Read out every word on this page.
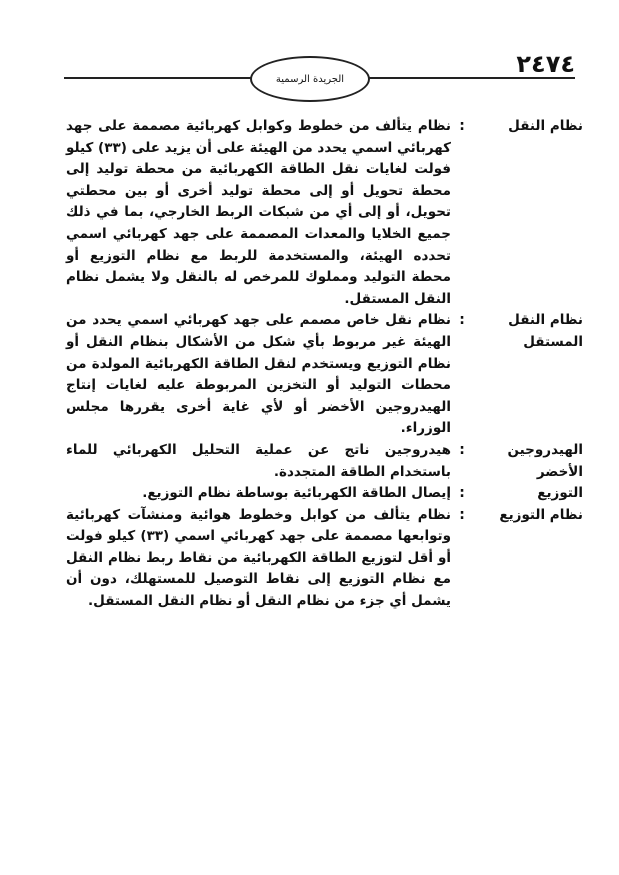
٢٤٧٤
الجريدة الرسمية
نظام النقل
:
نظام يتألف من خطوط وكوابل كهربائية مصممة على جهد كهربائي اسمي يحدد من الهيئة على أن يزيد على (٣٣) كيلو فولت لغايات نقل الطاقة الكهربائية من محطة توليد إلى محطة تحويل أو إلى محطة توليد أخرى أو بين محطتي تحويل، أو إلى أي من شبكات الربط الخارجي، بما في ذلك جميع الخلايا والمعدات المصممة على جهد كهربائي اسمي تحدده الهيئة، والمستخدمة للربط مع نظام التوزيع أو محطة التوليد ومملوك للمرخص له بالنقل ولا يشمل نظام النقل المستقل.
نظام النقل المستقل
:
نظام نقل خاص مصمم على جهد كهربائي اسمي يحدد من الهيئة غير مربوط بأي شكل من الأشكال بنظام النقل أو نظام التوزيع ويستخدم لنقل الطاقة الكهربائية المولدة من محطات التوليد أو التخزين المربوطة عليه لغايات إنتاج الهيدروجين الأخضر أو لأي غاية أخرى يقررها مجلس الوزراء.
الهيدروجين الأخضر
:
هيدروجين ناتج عن عملية التحليل الكهربائي للماء باستخدام الطاقة المتجددة.
التوزيع
:
إيصال الطاقة الكهربائية بوساطة نظام التوزيع.
نظام التوزيع
:
نظام يتألف من كوابل وخطوط هوائية ومنشآت كهربائية وتوابعها مصممة على جهد كهربائي اسمي (٣٣) كيلو فولت أو أقل لتوزيع الطاقة الكهربائية من نقاط ربط نظام النقل مع نظام التوزيع إلى نقاط التوصيل للمستهلك، دون أن يشمل أي جزء من نظام النقل أو نظام النقل المستقل.
